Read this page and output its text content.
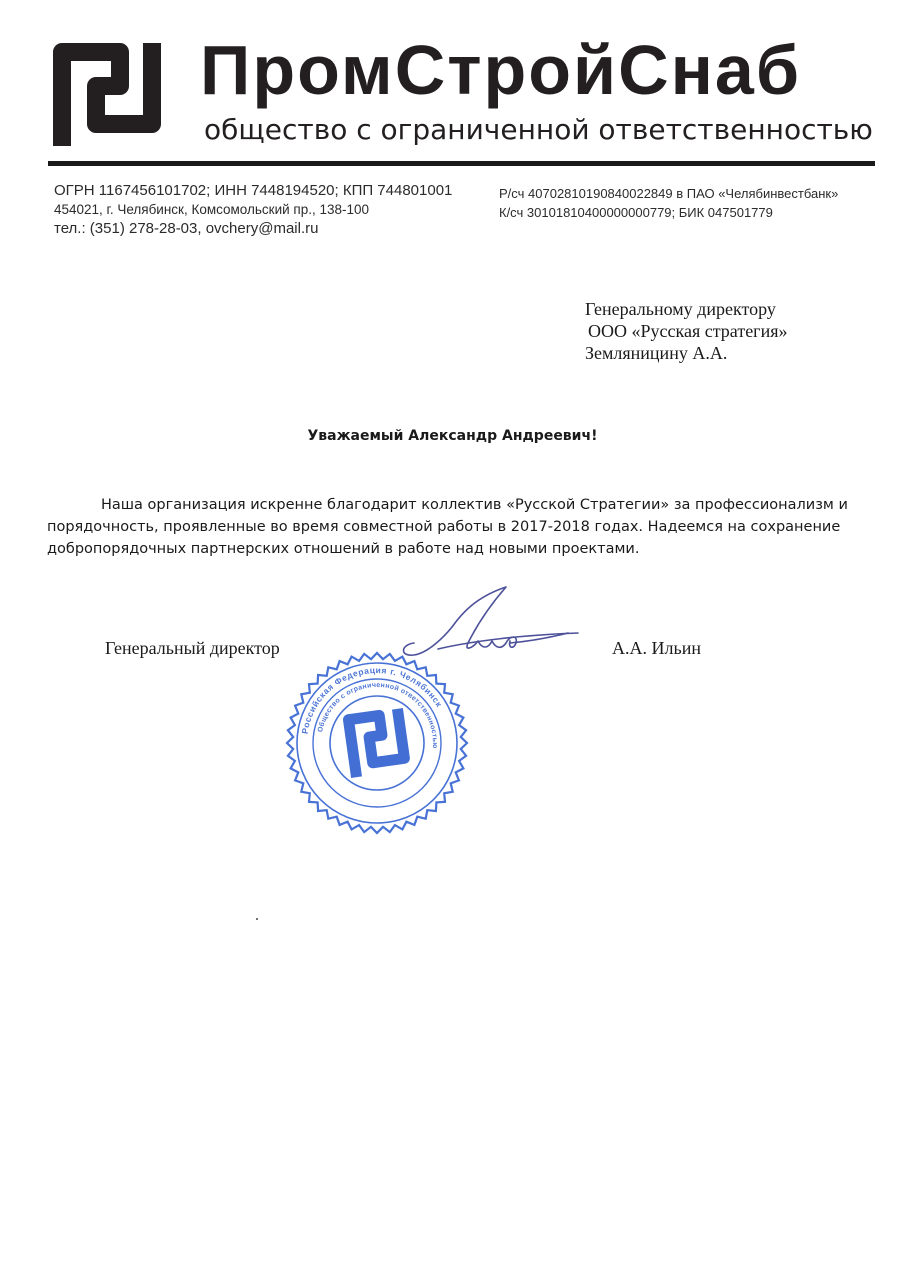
ПромСтройСнаб
общество с ограниченной ответственностью
ОГРН 1167456101702; ИНН 7448194520; КПП 744801001
454021, г. Челябинск, Комсомольский пр., 138-100
тел.: (351) 278-28-03, ovchery@mail.ru
Р/сч 40702810190840022849 в ПАО «Челябинвестбанк»
К/сч 30101810400000000779; БИК 047501779
Генеральному директору
ООО «Русская стратегия»
Земляницину А.А.
Уважаемый Александр Андреевич!
Наша организация искренне благодарит коллектив «Русской Стратегии» за профессионализм и
порядочность, проявленные во время совместной работы в 2017-2018 годах. Надеемся на сохранение
добропорядочных партнерских отношений в работе над новыми проектами.
Генеральный директор	А.А. Ильин
Российская Федерация г. Челябинск
Общество с ограниченной ответственностью
